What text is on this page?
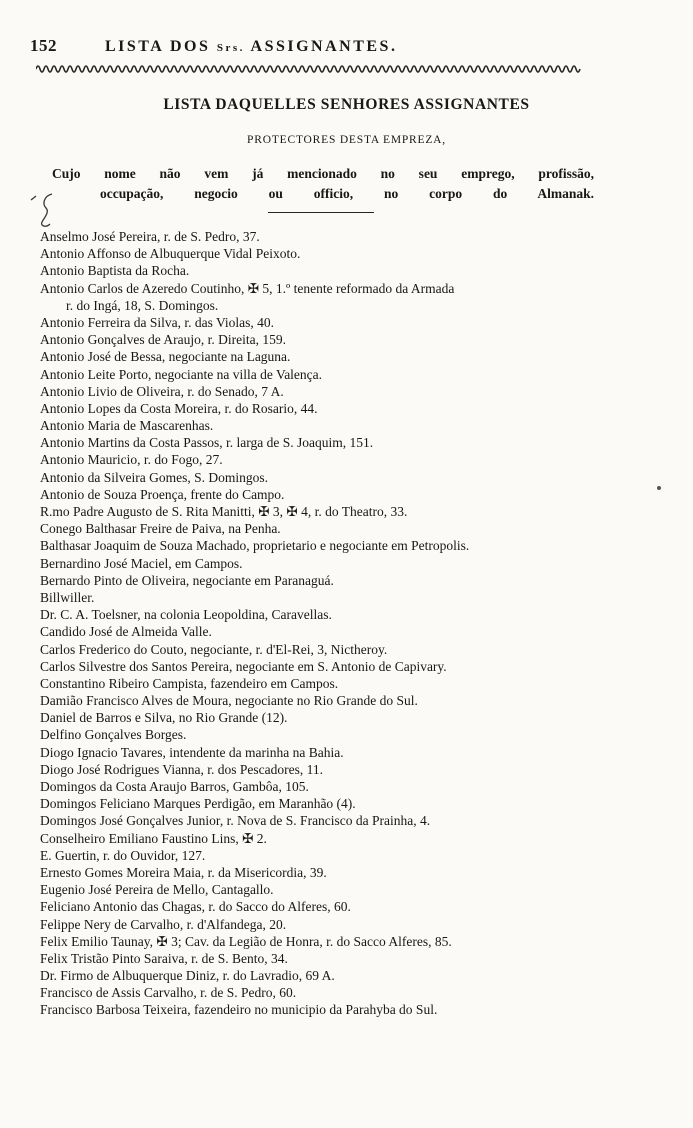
152	LISTA DOS Srs. ASSIGNANTES.
LISTA DAQUELLES SENHORES ASSIGNANTES
PROTECTORES DESTA EMPREZA,
Cujo nome não vem já mencionado no seu emprego, profissão,
occupação, negocio ou officio, no corpo do Almanak.
Anselmo José Pereira, r. de S. Pedro, 37.
Antonio Affonso de Albuquerque Vidal Peixoto.
Antonio Baptista da Rocha.
Antonio Carlos de Azeredo Coutinho, ✠ 5, 1.º tenente reformado da Armada
r. do Ingá, 18, S. Domingos.
Antonio Ferreira da Silva, r. das Violas, 40.
Antonio Gonçalves de Araujo, r. Direita, 159.
Antonio José de Bessa, negociante na Laguna.
Antonio Leite Porto, negociante na villa de Valença.
Antonio Livio de Oliveira, r. do Senado, 7 A.
Antonio Lopes da Costa Moreira, r. do Rosario, 44.
Antonio Maria de Mascarenhas.
Antonio Martins da Costa Passos, r. larga de S. Joaquim, 151.
Antonio Mauricio, r. do Fogo, 27.
Antonio da Silveira Gomes, S. Domingos.
Antonio de Souza Proença, frente do Campo.
R.mo Padre Augusto de S. Rita Manitti, ✠ 3, ✠ 4, r. do Theatro, 33.
Conego Balthasar Freire de Paiva, na Penha.
Balthasar Joaquim de Souza Machado, proprietario e negociante em Petropolis.
Bernardino José Maciel, em Campos.
Bernardo Pinto de Oliveira, negociante em Paranaguá.
Billwiller.
Dr. C. A. Toelsner, na colonia Leopoldina, Caravellas.
Candido José de Almeida Valle.
Carlos Frederico do Couto, negociante, r. d'El-Rei, 3, Nictheroy.
Carlos Silvestre dos Santos Pereira, negociante em S. Antonio de Capivary.
Constantino Ribeiro Campista, fazendeiro em Campos.
Damião Francisco Alves de Moura, negociante no Rio Grande do Sul.
Daniel de Barros e Silva, no Rio Grande (12).
Delfino Gonçalves Borges.
Diogo Ignacio Tavares, intendente da marinha na Bahia.
Diogo José Rodrigues Vianna, r. dos Pescadores, 11.
Domingos da Costa Araujo Barros, Gambôa, 105.
Domingos Feliciano Marques Perdigão, em Maranhão (4).
Domingos José Gonçalves Junior, r. Nova de S. Francisco da Prainha, 4.
Conselheiro Emiliano Faustino Lins, ✠ 2.
E. Guertin, r. do Ouvidor, 127.
Ernesto Gomes Moreira Maia, r. da Misericordia, 39.
Eugenio José Pereira de Mello, Cantagallo.
Feliciano Antonio das Chagas, r. do Sacco do Alferes, 60.
Felippe Nery de Carvalho, r. d'Alfandega, 20.
Felix Emilio Taunay, ✠ 3; Cav. da Legião de Honra, r. do Sacco Alferes, 85.
Felix Tristão Pinto Saraiva, r. de S. Bento, 34.
Dr. Firmo de Albuquerque Diniz, r. do Lavradio, 69 A.
Francisco de Assis Carvalho, r. de S. Pedro, 60.
Francisco Barbosa Teixeira, fazendeiro no municipio da Parahyba do Sul.
